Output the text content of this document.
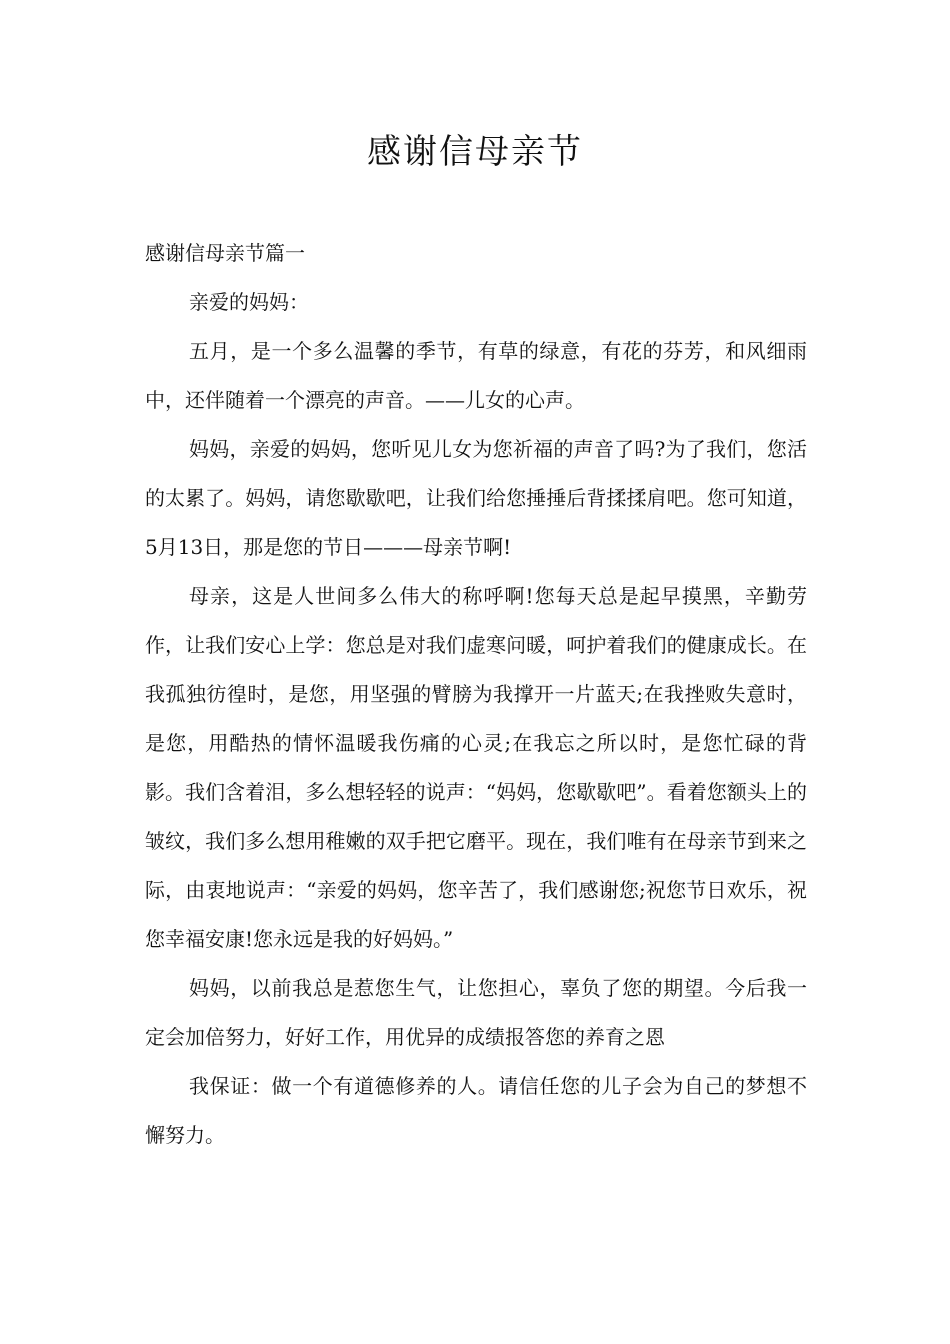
感谢信母亲节

感谢信母亲节篇一

亲爱的妈妈：

五月，是一个多么温馨的季节，有草的绿意，有花的芬芳，和风细雨中，还伴随着一个漂亮的声音。——儿女的心声。

妈妈，亲爱的妈妈，您听见儿女为您祈福的声音了吗?为了我们，您活的太累了。妈妈，请您歇歇吧，让我们给您捶捶后背揉揉肩吧。您可知道，5月13日，那是您的节日———母亲节啊!

母亲，这是人世间多么伟大的称呼啊!您每天总是起早摸黑，辛勤劳作，让我们安心上学：您总是对我们虚寒问暖，呵护着我们的健康成长。在我孤独彷徨时，是您，用坚强的臂膀为我撑开一片蓝天;在我挫败失意时，是您，用酷热的情怀温暖我伤痛的心灵;在我忘之所以时，是您忙碌的背影。我们含着泪，多么想轻轻的说声：“妈妈，您歇歇吧”。看着您额头上的皱纹，我们多么想用稚嫩的双手把它磨平。现在，我们唯有在母亲节到来之际，由衷地说声：“亲爱的妈妈，您辛苦了，我们感谢您;祝您节日欢乐，祝您幸福安康!您永远是我的好妈妈。”

妈妈，以前我总是惹您生气，让您担心，辜负了您的期望。今后我一定会加倍努力，好好工作，用优异的成绩报答您的养育之恩

我保证：做一个有道德修养的人。请信任您的儿子会为自己的梦想不懈努力。
